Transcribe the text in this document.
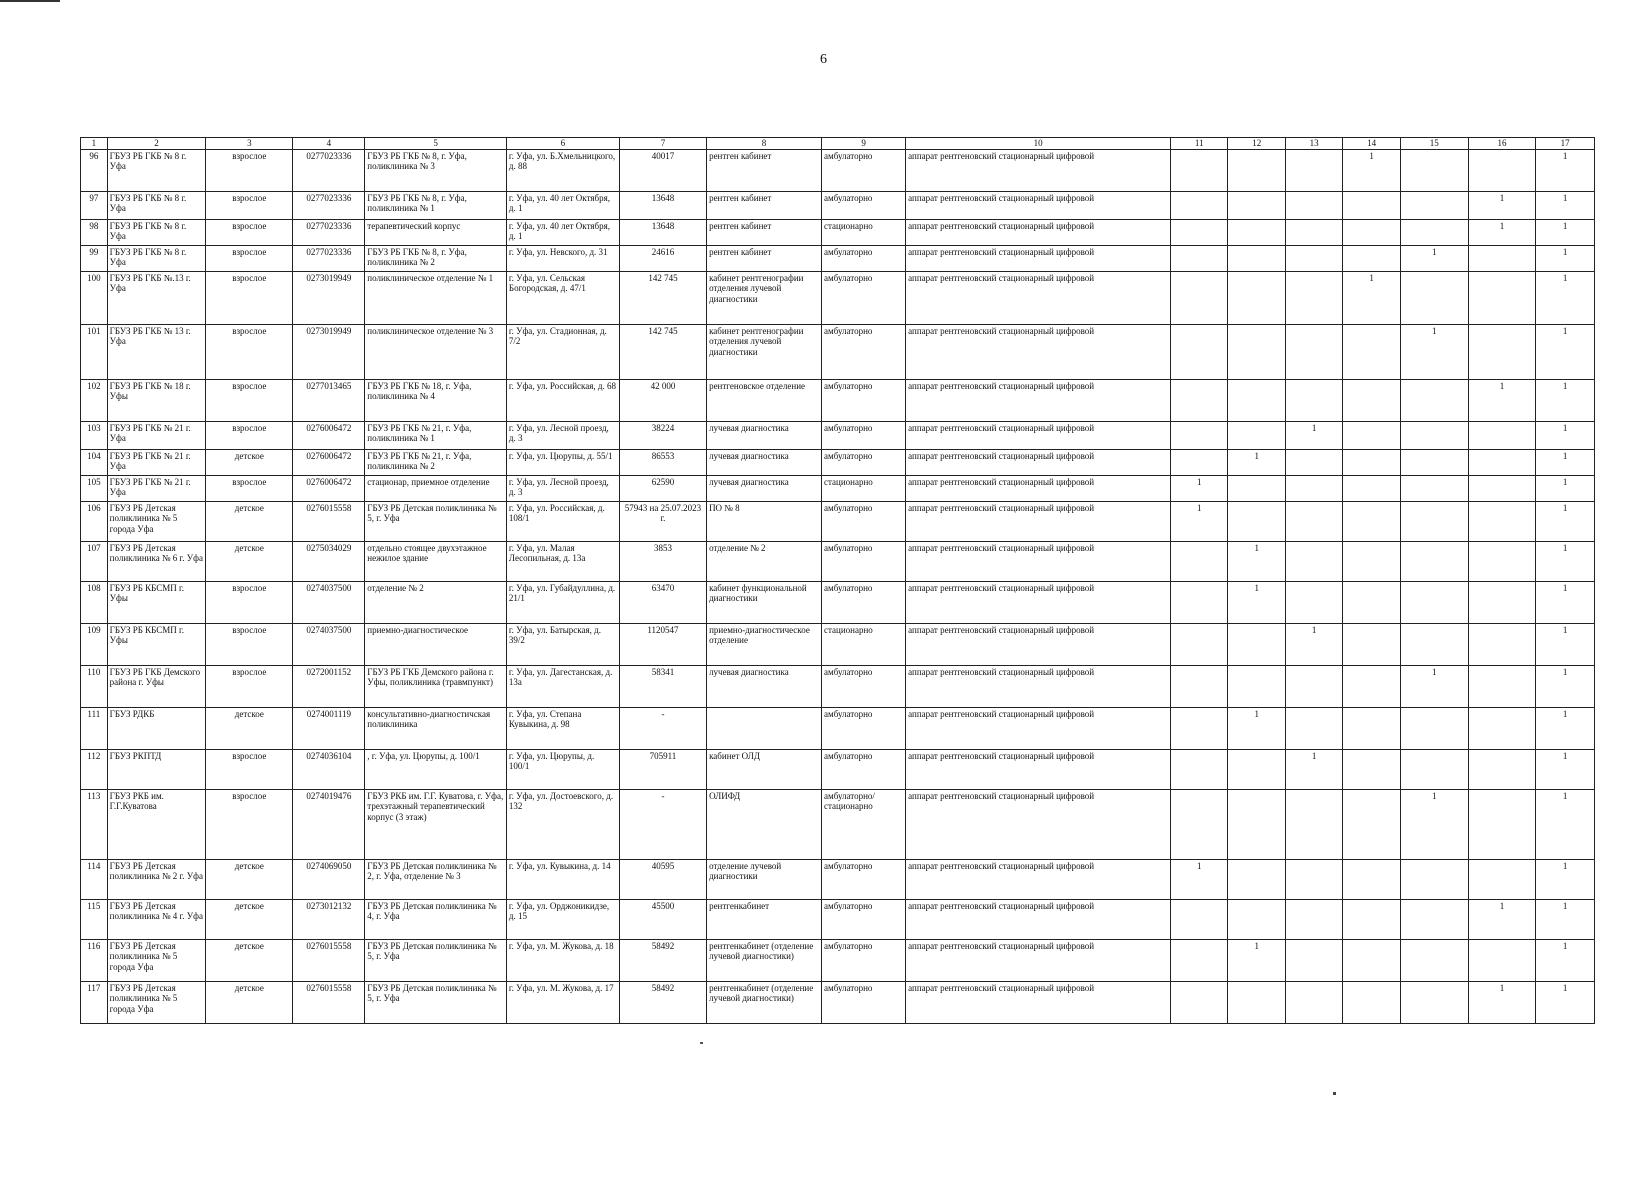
6
1	2	3	4	5	6	7	8	9	10	11	12	13	14	15	16	17
96	ГБУЗ РБ ГКБ № 8 г. Уфа	взрослое	0277023336	ГБУЗ РБ ГКБ № 8, г. Уфа, поликлиника № 3	г. Уфа, ул. Б.Хмельницкого, д. 88	40017	рентген кабинет	амбулаторно	аппарат рентгеновский стационарный цифровой				1			1
97	ГБУЗ РБ ГКБ № 8 г. Уфа	взрослое	0277023336	ГБУЗ РБ ГКБ № 8, г. Уфа, поликлиника № 1	г. Уфа, ул. 40 лет Октября, д. 1	13648	рентген кабинет	амбулаторно	аппарат рентгеновский стационарный цифровой						1	1
98	ГБУЗ РБ ГКБ № 8 г. Уфа	взрослое	0277023336	терапевтический корпус	г. Уфа, ул. 40 лет Октября, д. 1	13648	рентген кабинет	стационарно	аппарат рентгеновский стационарный цифровой						1	1
99	ГБУЗ РБ ГКБ № 8 г. Уфа	взрослое	0277023336	ГБУЗ РБ ГКБ № 8, г. Уфа, поликлиника № 2	г. Уфа, ул. Невского, д. 31	24616	рентген кабинет	амбулаторно	аппарат рентгеновский стационарный цифровой					1		1
100	ГБУЗ РБ ГКБ №.13 г. Уфа	взрослое	0273019949	поликлиническое отделение № 1	г. Уфа, ул. Сельская Богородская, д. 47/1	142 745	кабинет рентгенографии отделения лучевой диагностики	амбулаторно	аппарат рентгеновский стационарный цифровой				1			1
101	ГБУЗ РБ ГКБ № 13 г. Уфа	взрослое	0273019949	поликлиническое отделение № 3	г. Уфа, ул. Стадионная, д. 7/2	142 745	кабинет рентгенографии отделения лучевой диагностики	амбулаторно	аппарат рентгеновский стационарный цифровой					1		1
102	ГБУЗ РБ ГКБ № 18 г. Уфы	взрослое	0277013465	ГБУЗ РБ ГКБ № 18, г. Уфа, поликлиника № 4	г. Уфа, ул. Российская, д. 68	42 000	рентгеновское отделение	амбулаторно	аппарат рентгеновский стационарный цифровой						1	1
103	ГБУЗ РБ ГКБ № 21 г. Уфа	взрослое	0276006472	ГБУЗ РБ ГКБ № 21, г. Уфа, поликлиника № 1	г. Уфа, ул. Лесной проезд, д. 3	38224	лучевая диагностика	амбулаторно	аппарат рентгеновский стационарный цифровой			1				1
104	ГБУЗ РБ ГКБ № 21 г. Уфа	детское	0276006472	ГБУЗ РБ ГКБ № 21, г. Уфа, поликлиника № 2	г. Уфа, ул. Цюрупы, д. 55/1	86553	лучевая диагностика	амбулаторно	аппарат рентгеновский стационарный цифровой		1					1
105	ГБУЗ РБ ГКБ № 21 г. Уфа	взрослое	0276006472	стационар, приемное отделение	г. Уфа, ул. Лесной проезд, д. 3	62590	лучевая диагностика	стационарно	аппарат рентгеновский стационарный цифровой	1						1
106	ГБУЗ РБ Детская поликлиника № 5 города Уфа	детское	0276015558	ГБУЗ РБ Детская поликлиника № 5, г. Уфа	г. Уфа, ул. Российская, д. 108/1	57943 на 25.07.2023 г.	ПО № 8	амбулаторно	аппарат рентгеновский стационарный цифровой	1						1
107	ГБУЗ РБ Детская поликлиника № 6 г. Уфа	детское	0275034029	отдельно стоящее двухэтажное нежилое здание	г. Уфа, ул. Малая Лесопильная, д. 13а	3853	отделение № 2	амбулаторно	аппарат рентгеновский стационарный цифровой		1					1
108	ГБУЗ РБ КБСМП г. Уфы	взрослое	0274037500	отделение № 2	г. Уфа, ул. Губайдуллина, д. 21/1	63470	кабинет функциональной диагностики	амбулаторно	аппарат рентгеновский стационарный цифровой		1					1
109	ГБУЗ РБ КБСМП г. Уфы	взрослое	0274037500	приемно-диагностическое	г. Уфа, ул. Батырская, д. 39/2	1120547	приемно-диагностическое отделение	стационарно	аппарат рентгеновский стационарный цифровой			1				1
110	ГБУЗ РБ ГКБ Демского района г. Уфы	взрослое	0272001152	ГБУЗ РБ ГКБ Демского района г. Уфы, поликлиника (травмпункт)	г. Уфа, ул. Дагестанская, д. 13а	58341	лучевая диагностика	амбулаторно	аппарат рентгеновский стационарный цифровой					1		1
111	ГБУЗ РДКБ	детское	0274001119	консультативно-диагностичская поликлиника	г. Уфа, ул. Степана Кувыкина, д. 98	-		амбулаторно	аппарат рентгеновский стационарный цифровой		1					1
112	ГБУЗ РКПТД	взрослое	0274036104	, г. Уфа, ул. Цюрупы, д. 100/1	г. Уфа, ул. Цюрупы, д. 100/1	705911	кабинет ОЛД	амбулаторно	аппарат рентгеновский стационарный цифровой			1				1
113	ГБУЗ РКБ им. Г.Г.Куватова	взрослое	0274019476	ГБУЗ РКБ им. Г.Г. Куватова, г. Уфа, трехэтажный терапевтический корпус (3 этаж)	г. Уфа, ул. Достоевского, д. 132	-	ОЛИФД	амбулаторно/ стационарно	аппарат рентгеновский стационарный цифровой					1		1
114	ГБУЗ РБ Детская поликлиника № 2 г. Уфа	детское	0274069050	ГБУЗ РБ Детская поликлиника № 2, г. Уфа, отделение № 3	г. Уфа, ул. Кувыкина, д. 14	40595	отделение лучевой диагностики	амбулаторно	аппарат рентгеновский стационарный цифровой	1						1
115	ГБУЗ РБ Детская поликлиника № 4 г. Уфа	детское	0273012132	ГБУЗ РБ Детская поликлиника № 4, г. Уфа	г. Уфа, ул. Орджоникидзе, д. 15	45500	рентгенкабинет	амбулаторно	аппарат рентгеновский стационарный цифровой						1	1
116	ГБУЗ РБ Детская поликлиника № 5 города Уфа	детское	0276015558	ГБУЗ РБ Детская поликлиника № 5, г. Уфа	г. Уфа, ул. М. Жукова, д. 18	58492	рентгенкабинет (отделение лучевой диагностики)	амбулаторно	аппарат рентгеновский стационарный цифровой		1					1
117	ГБУЗ РБ Детская поликлиника № 5 города Уфа	детское	0276015558	ГБУЗ РБ Детская поликлиника № 5, г. Уфа	г. Уфа, ул. М. Жукова, д. 17	58492	рентгенкабинет (отделение лучевой диагностики)	амбулаторно	аппарат рентгеновский стационарный цифровой						1	1
